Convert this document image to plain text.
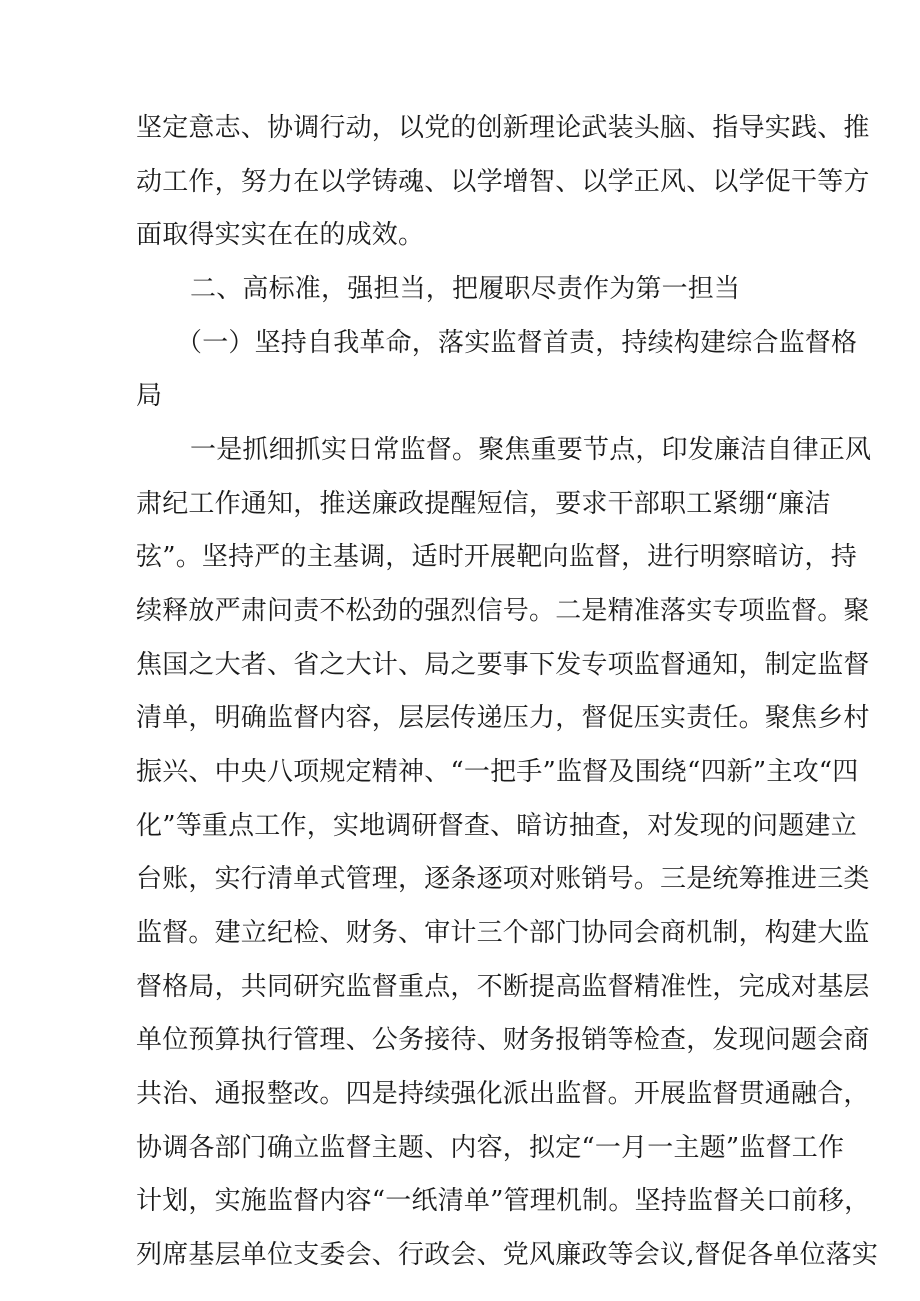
坚定意志、协调行动，以党的创新理论武装头脑、指导实践、推
动工作，努力在以学铸魂、以学增智、以学正风、以学促干等方
面取得实实在在的成效。
二、高标准，强担当，把履职尽责作为第一担当
（一）坚持自我革命，落实监督首责，持续构建综合监督格
局
一是抓细抓实日常监督。聚焦重要节点，印发廉洁自律正风
肃纪工作通知，推送廉政提醒短信，要求干部职工紧绷“廉洁
弦”。坚持严的主基调，适时开展靶向监督，进行明察暗访，持
续释放严肃问责不松劲的强烈信号。二是精准落实专项监督。聚
焦国之大者、省之大计、局之要事下发专项监督通知，制定监督
清单，明确监督内容，层层传递压力，督促压实责任。聚焦乡村
振兴、中央八项规定精神、“一把手”监督及围绕“四新”主攻“四
化”等重点工作，实地调研督查、暗访抽查，对发现的问题建立
台账，实行清单式管理，逐条逐项对账销号。三是统筹推进三类
监督。建立纪检、财务、审计三个部门协同会商机制，构建大监
督格局，共同研究监督重点，不断提高监督精准性，完成对基层
单位预算执行管理、公务接待、财务报销等检查，发现问题会商
共治、通报整改。四是持续强化派出监督。开展监督贯通融合，
协调各部门确立监督主题、内容，拟定“一月一主题”监督工作
计划，实施监督内容“一纸清单”管理机制。坚持监督关口前移，
列席基层单位支委会、行政会、党风廉政等会议,督促各单位落实
